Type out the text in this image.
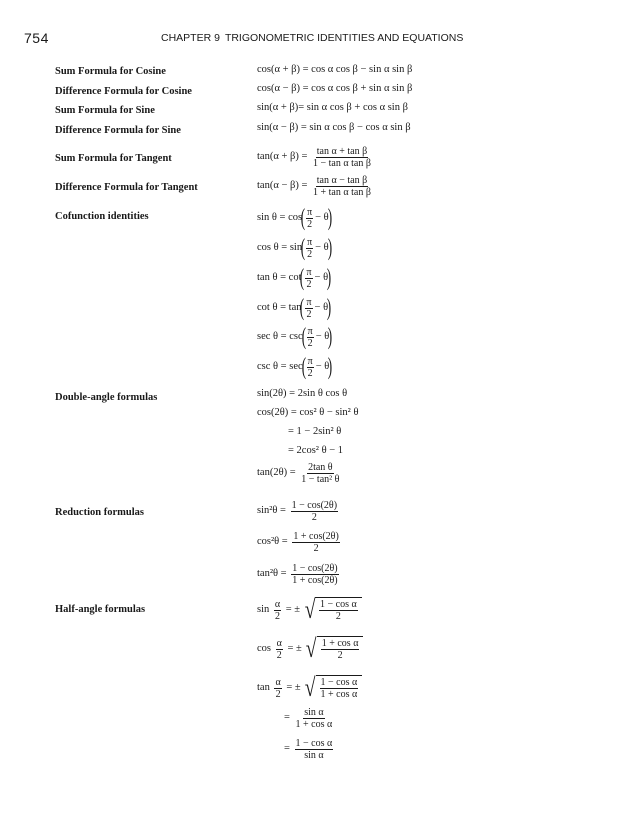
754	CHAPTER 9 TRIGONOMETRIC IDENTITIES AND EQUATIONS
Sum Formula for Cosine	cos(α + β) = cos α cos β − sin α sin β
Difference Formula for Cosine	cos(α − β) = cos α cos β + sin α sin β
Sum Formula for Sine	sin(α + β)= sin α cos β + cos α sin β
Difference Formula for Sine	sin(α − β) = sin α cos β − cos α sin β
Sum Formula for Tangent	$\tan(\alpha + \beta) = \frac{\text{tan α + tan β}}{\text{1 − tan α tan β}}$
Difference Formula for Tangent	$\tan(\alpha - \beta) = \frac{\text{tan α − tan β}}{\text{1 + tan α tan β}}$
Cofunction identities	$\sin \theta = \cos( \frac{\pi}{2} - \theta)$
$\cos \theta = \sin( \frac{\pi}{2} - \theta)$
$\tan \theta = \cot( \frac{\pi}{2} - \theta)$
$\cot \theta = \tan( \frac{\pi}{2} - \theta)$
$\sec \theta = \csc( \frac{\pi}{2} - \theta)$
$\csc \theta = \sec( \frac{\pi}{2} - \theta)$
Double-angle formulas	sin(2θ) = 2sin θ cos θ
cos(2θ) = cos² θ − sin² θ
= 1 − 2sin² θ
= 2cos² θ − 1
$\tan(2\theta) = \frac{\text{2tan θ}}{\text{1 − tan² θ}}$
Reduction formulas	$\sin^2\theta = \frac{1 - \cos(2\theta)}{2}$
$\cos^2\theta = \frac{1 + \cos(2\theta)}{2}$
$\tan^2\theta = \frac{1 - \cos(2\theta)}{1 + \cos(2\theta)}$
Half-angle formulas	$\sin \frac{\alpha}{2}$ = ± √ 1 − cos α
2
$\cos \frac{\alpha}{2}$ = ± √ 1 + cos α
2
$\tan \frac{\alpha}{2}$ = ± √ 1 − cos α
1 + cos α
= $\frac{\text{sin α}}{\text{1 + cos α}}$
= $\frac{\text{1 − cos α}}{\text{sin α}}$
